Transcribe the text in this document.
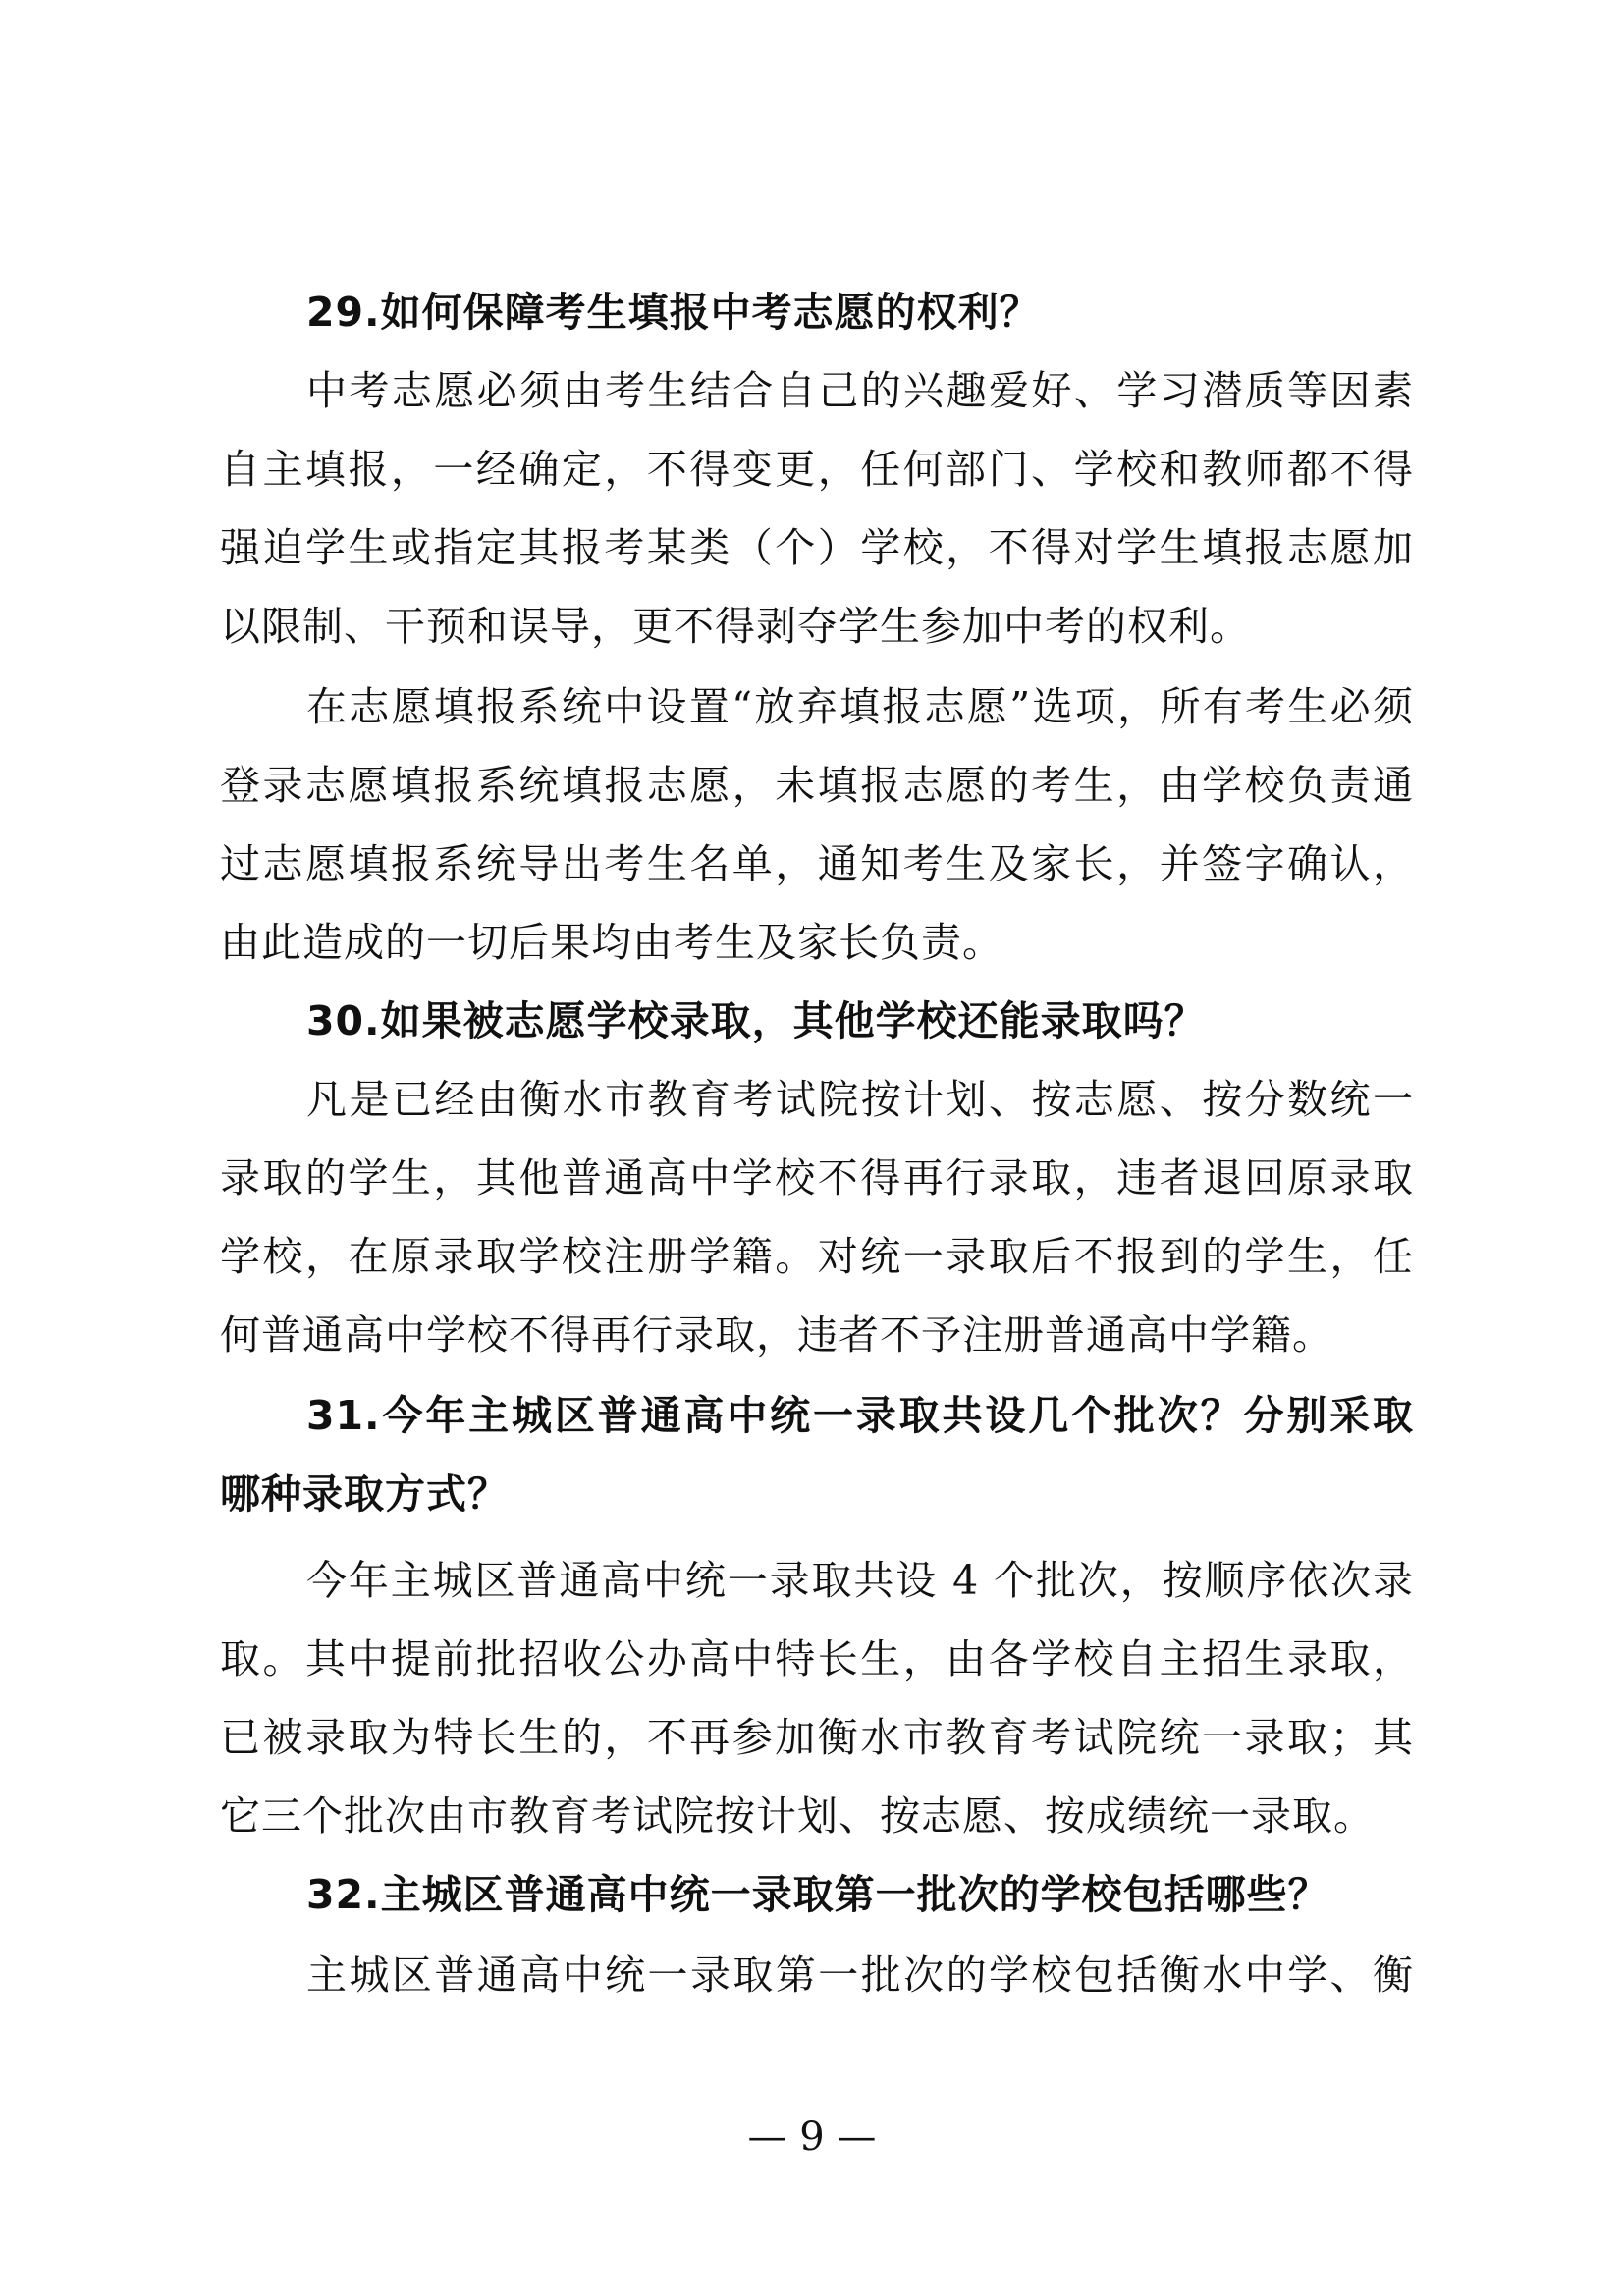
29.如何保障考生填报中考志愿的权利？
中考志愿必须由考生结合自己的兴趣爱好、学习潜质等因素
自主填报，一经确定，不得变更，任何部门、学校和教师都不得
强迫学生或指定其报考某类（个）学校，不得对学生填报志愿加
以限制、干预和误导，更不得剥夺学生参加中考的权利。
在志愿填报系统中设置“放弃填报志愿”选项，所有考生必须
登录志愿填报系统填报志愿，未填报志愿的考生，由学校负责通
过志愿填报系统导出考生名单，通知考生及家长，并签字确认，
由此造成的一切后果均由考生及家长负责。
30.如果被志愿学校录取，其他学校还能录取吗？
凡是已经由衡水市教育考试院按计划、按志愿、按分数统一
录取的学生，其他普通高中学校不得再行录取，违者退回原录取
学校，在原录取学校注册学籍。对统一录取后不报到的学生，任
何普通高中学校不得再行录取，违者不予注册普通高中学籍。
31.今年主城区普通高中统一录取共设几个批次？分别采取
哪种录取方式？
今年主城区普通高中统一录取共设 4 个批次，按顺序依次录
取。其中提前批招收公办高中特长生，由各学校自主招生录取，
已被录取为特长生的，不再参加衡水市教育考试院统一录取；其
它三个批次由市教育考试院按计划、按志愿、按成绩统一录取。
32.主城区普通高中统一录取第一批次的学校包括哪些？
主城区普通高中统一录取第一批次的学校包括衡水中学、衡
— 9 —
